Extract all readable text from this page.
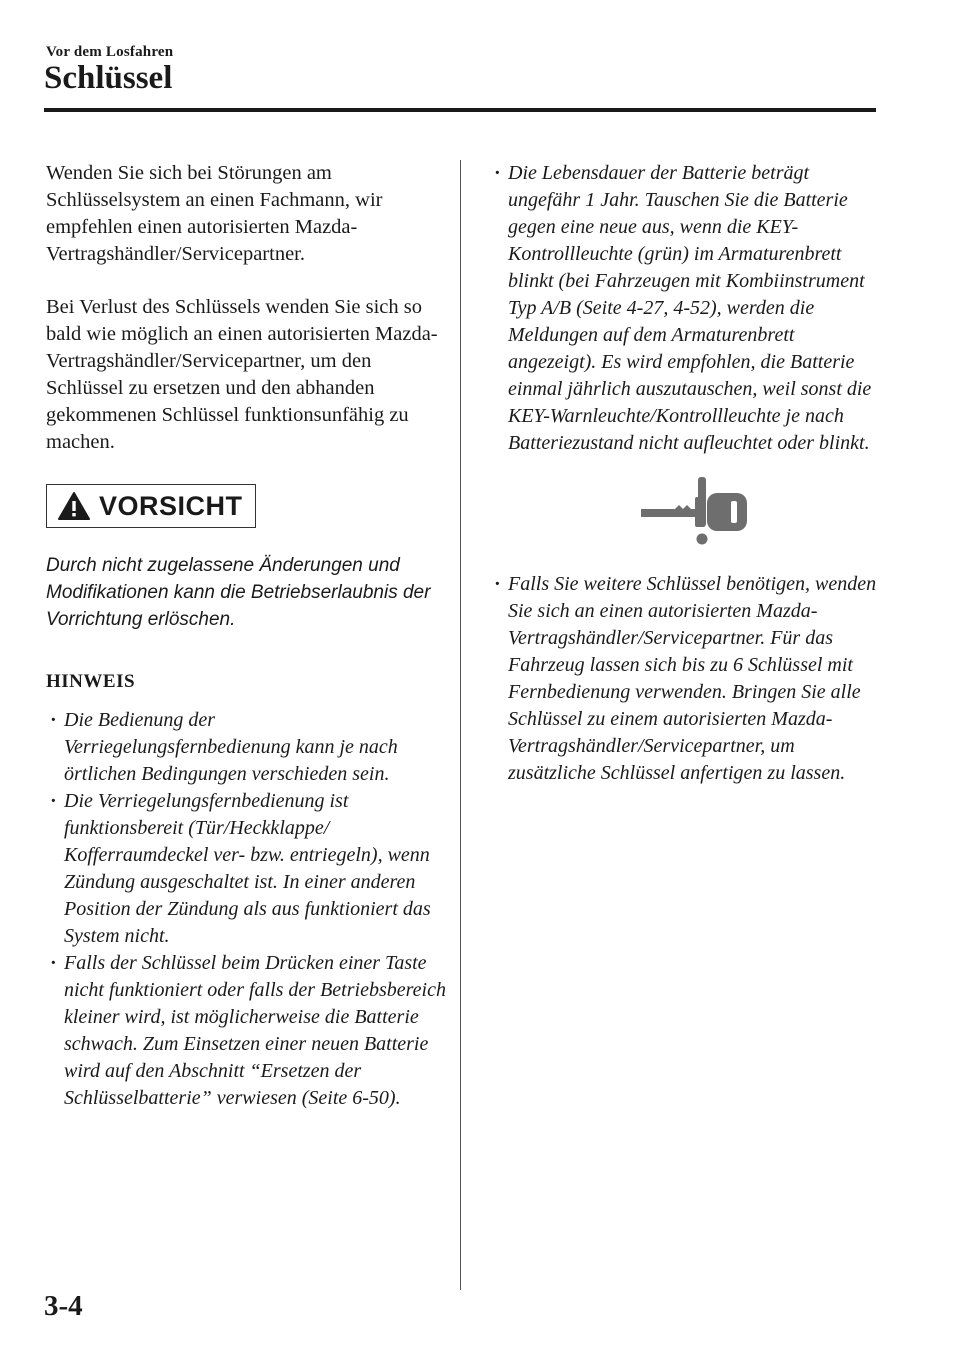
Vor dem Losfahren
Schlüssel

Wenden Sie sich bei Störungen am Schlüsselsystem an einen Fachmann, wir empfehlen einen autorisierten Mazda-Vertragshändler/Servicepartner.

Bei Verlust des Schlüssels wenden Sie sich so bald wie möglich an einen autorisierten Mazda-Vertragshändler/Servicepartner, um den Schlüssel zu ersetzen und den abhanden gekommenen Schlüssel funktionsunfähig zu machen.

VORSICHT

Durch nicht zugelassene Änderungen und Modifikationen kann die Betriebserlaubnis der Vorrichtung erlöschen.

HINWEIS
· Die Bedienung der Verriegelungsfernbedienung kann je nach örtlichen Bedingungen verschieden sein.
· Die Verriegelungsfernbedienung ist funktionsbereit (Tür/Heckklappe/ Kofferraumdeckel ver- bzw. entriegeln), wenn Zündung ausgeschaltet ist. In einer anderen Position der Zündung als aus funktioniert das System nicht.
· Falls der Schlüssel beim Drücken einer Taste nicht funktioniert oder falls der Betriebsbereich kleiner wird, ist möglicherweise die Batterie schwach. Zum Einsetzen einer neuen Batterie wird auf den Abschnitt “Ersetzen der Schlüsselbatterie” verwiesen (Seite 6-50).
· Die Lebensdauer der Batterie beträgt ungefähr 1 Jahr. Tauschen Sie die Batterie gegen eine neue aus, wenn die KEY-Kontrollleuchte (grün) im Armaturenbrett blinkt (bei Fahrzeugen mit Kombiinstrument Typ A/B (Seite 4-27, 4-52), werden die Meldungen auf dem Armaturenbrett angezeigt). Es wird empfohlen, die Batterie einmal jährlich auszutauschen, weil sonst die KEY-Warnleuchte/Kontrollleuchte je nach Batteriezustand nicht aufleuchtet oder blinkt.
· Falls Sie weitere Schlüssel benötigen, wenden Sie sich an einen autorisierten Mazda-Vertragshändler/Servicepartner. Für das Fahrzeug lassen sich bis zu 6 Schlüssel mit Fernbedienung verwenden. Bringen Sie alle Schlüssel zu einem autorisierten Mazda-Vertragshändler/Servicepartner, um zusätzliche Schlüssel anfertigen zu lassen.
3-4
